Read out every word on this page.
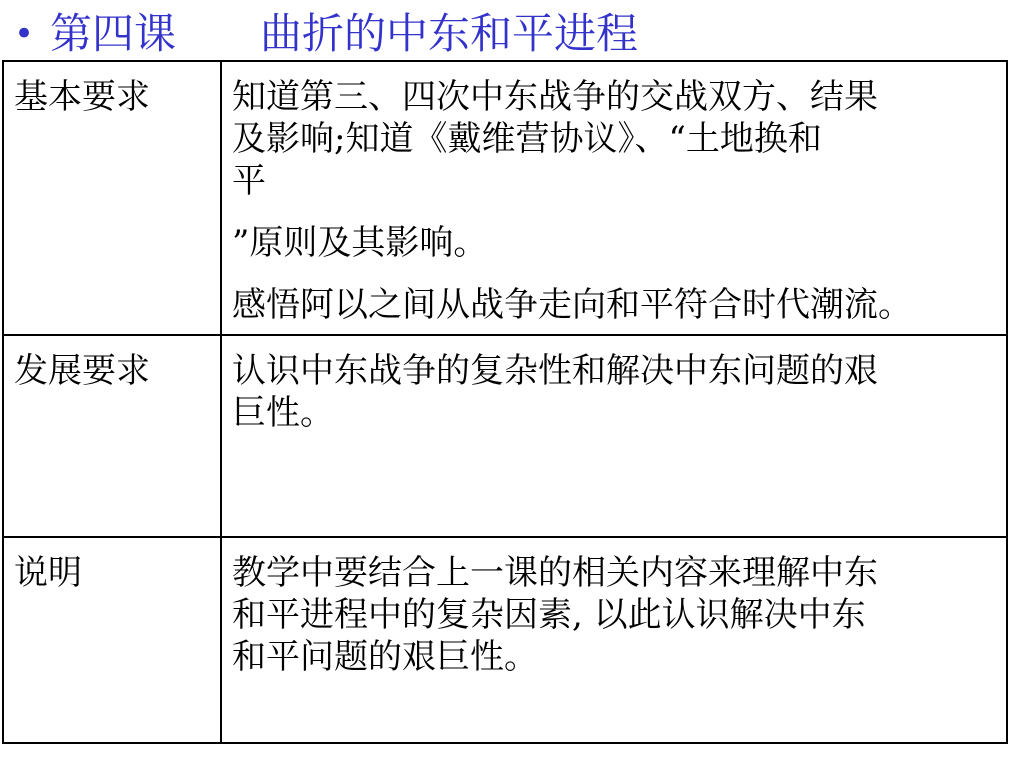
• 第四课　　曲折的中东和平进程
基本要求	知道第三、四次中东战争的交战双方、结果
及影响;知道《戴维营协议》、“土地换和
平
”原则及其影响。
感悟阿以之间从战争走向和平符合时代潮流。

发展要求	认识中东战争的复杂性和解决中东问题的艰
巨性。

说明	教学中要结合上一课的相关内容来理解中东
和平进程中的复杂因素, 以此认识解决中东
和平问题的艰巨性。
